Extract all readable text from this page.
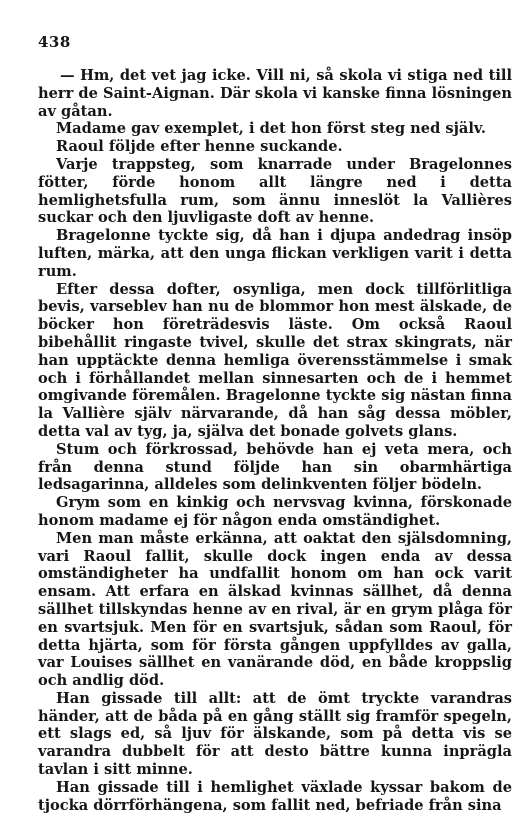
438

— Hm, det vet jag icke. Vill ni, så skola vi stiga ned till herr de Saint-Aignan. Där skola vi kanske finna lösningen av gåtan.

Madame gav exemplet, i det hon först steg ned själv.

Raoul följde efter henne suckande.

Varje trappsteg, som knarrade under Bragelonnes fötter, förde honom allt längre ned i detta hemlighetsfulla rum, som ännu inneslöt la Vallières suckar och den ljuvligaste doft av henne.

Bragelonne tyckte sig, då han i djupa andedrag insöp luften, märka, att den unga flickan verkligen varit i detta rum.

Efter dessa dofter, osynliga, men dock tillförlitliga bevis, varseblev han nu de blommor hon mest älskade, de böcker hon företrädesvis läste. Om också Raoul bibehållit ringaste tvivel, skulle det strax skingrats, när han upptäckte denna hemliga överensstämmelse i smak och i förhållandet mellan sinnesarten och de i hemmet omgivande föremålen. Bragelonne tyckte sig nästan finna la Vallière själv närvarande, då han såg dessa möbler, detta val av tyg, ja, själva det bonade golvets glans.

Stum och förkrossad, behövde han ej veta mera, och från denna stund följde han sin obarmhärtiga ledsagarinna, alldeles som delinkventen följer bödeln.

Grym som en kinkig och nervsvag kvinna, förskonade honom madame ej för någon enda omständighet.

Men man måste erkänna, att oaktat den själsdomning, vari Raoul fallit, skulle dock ingen enda av dessa omständigheter ha undfallit honom om han ock varit ensam. Att erfara en älskad kvinnas sällhet, då denna sällhet tillskyndas henne av en rival, är en grym plåga för en svartsjuk. Men för en svartsjuk, sådan som Raoul, för detta hjärta, som för första gången uppfylldes av galla, var Louises sällhet en vanärande död, en både kroppslig och andlig död.

Han gissade till allt: att de ömt tryckte varandras händer, att de båda på en gång ställt sig framför spegeln, ett slags ed, så ljuv för älskande, som på detta vis se varandra dubbelt för att desto bättre kunna inprägla tavlan i sitt minne.

Han gissade till i hemlighet växlade kyssar bakom de tjocka dörrförhängena, som fallit ned, befriade från sina
